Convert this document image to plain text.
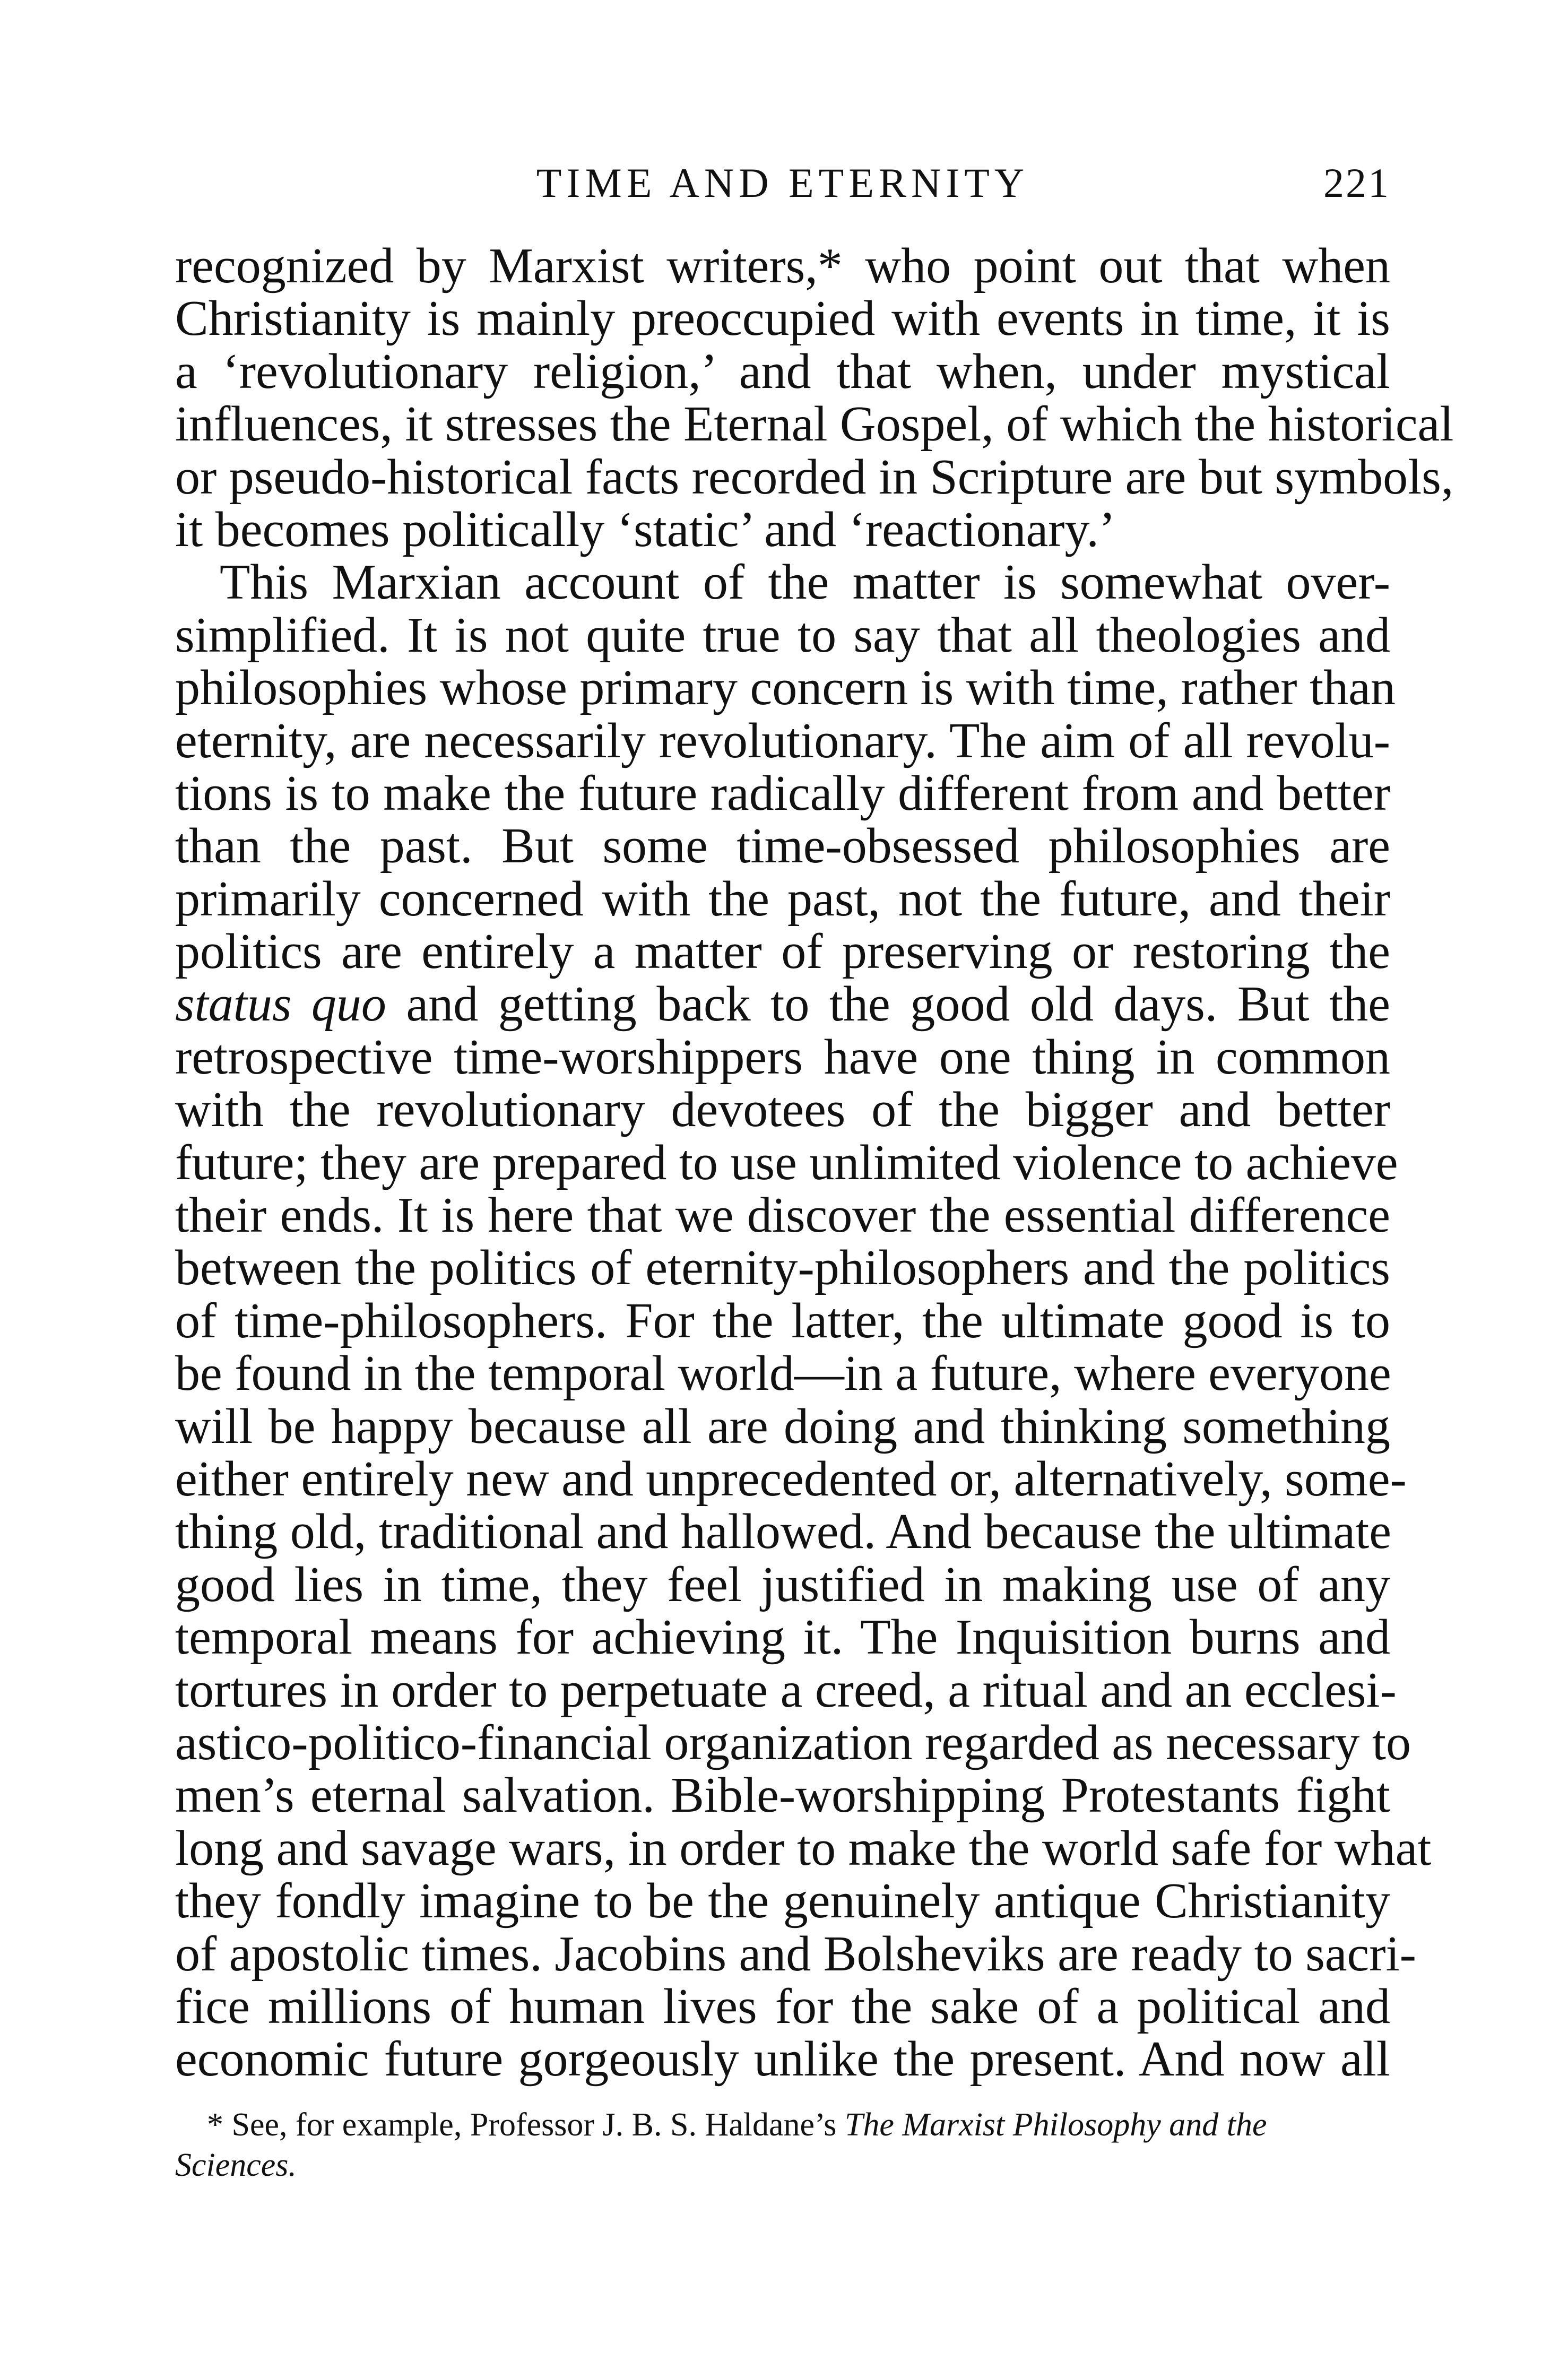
TIME AND ETERNITY	221
recognized by Marxist writers,* who point out that when
Christianity is mainly preoccupied with events in time, it is
a ‘revolutionary religion,’ and that when, under mystical
influences, it stresses the Eternal Gospel, of which the historical
or pseudo-historical facts recorded in Scripture are but symbols,
it becomes politically ‘static’ and ‘reactionary.’
This Marxian account of the matter is somewhat over-
simplified. It is not quite true to say that all theologies and
philosophies whose primary concern is with time, rather than
eternity, are necessarily revolutionary. The aim of all revolu-
tions is to make the future radically different from and better
than the past. But some time-obsessed philosophies are
primarily concerned with the past, not the future, and their
politics are entirely a matter of preserving or restoring the
status quo and getting back to the good old days. But the
retrospective time-worshippers have one thing in common
with the revolutionary devotees of the bigger and better
future; they are prepared to use unlimited violence to achieve
their ends. It is here that we discover the essential difference
between the politics of eternity-philosophers and the politics
of time-philosophers. For the latter, the ultimate good is to
be found in the temporal world—in a future, where everyone
will be happy because all are doing and thinking something
either entirely new and unprecedented or, alternatively, some-
thing old, traditional and hallowed. And because the ultimate
good lies in time, they feel justified in making use of any
temporal means for achieving it. The Inquisition burns and
tortures in order to perpetuate a creed, a ritual and an ecclesi-
astico-politico-financial organization regarded as necessary to
men’s eternal salvation. Bible-worshipping Protestants fight
long and savage wars, in order to make the world safe for what
they fondly imagine to be the genuinely antique Christianity
of apostolic times. Jacobins and Bolsheviks are ready to sacri-
fice millions of human lives for the sake of a political and
economic future gorgeously unlike the present. And now all
* See, for example, Professor J. B. S. Haldane’s The Marxist Philosophy and the
Sciences.
